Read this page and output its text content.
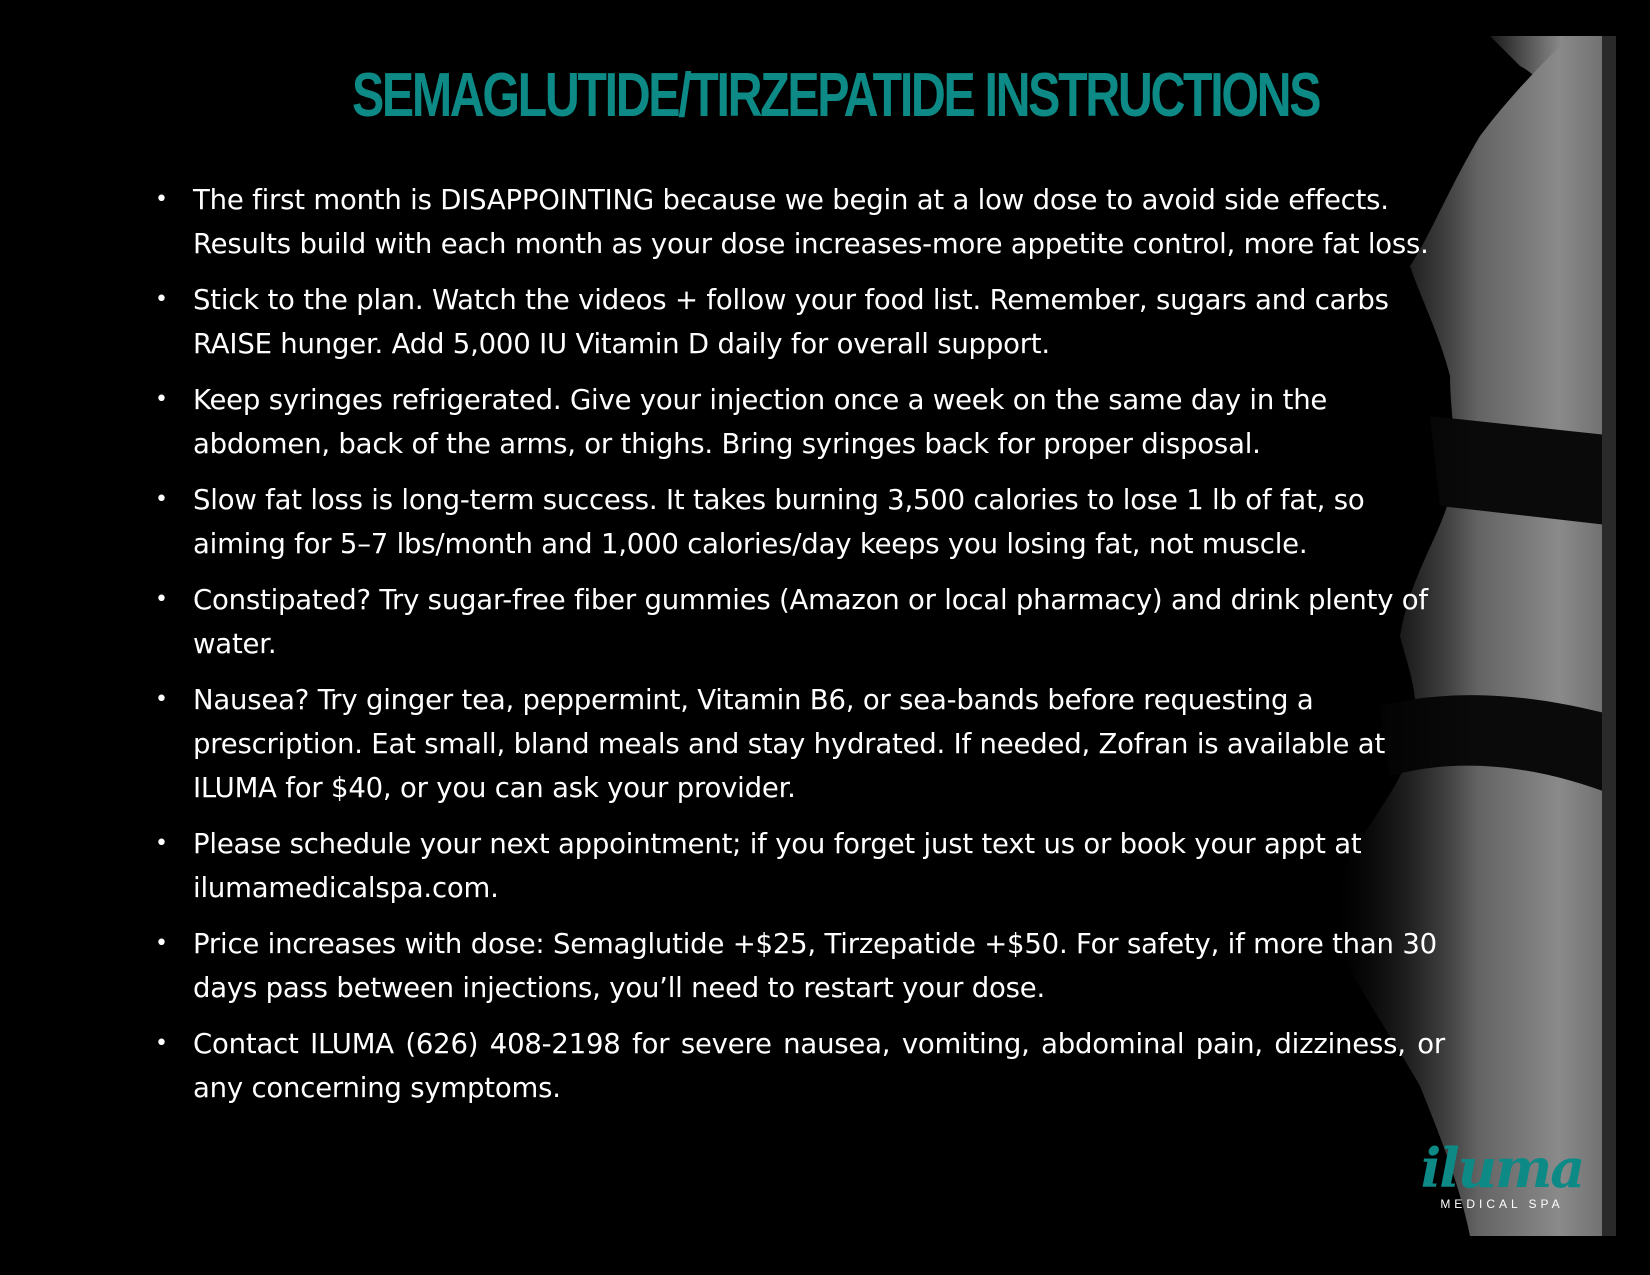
SEMAGLUTIDE/TIRZEPATIDE INSTRUCTIONS
• The first month is DISAPPOINTING because we begin at a low dose to avoid side effects. Results build with each month as your dose increases-more appetite control, more fat loss.
• Stick to the plan. Watch the videos + follow your food list. Remember, sugars and carbs RAISE hunger. Add 5,000 IU Vitamin D daily for overall support.
• Keep syringes refrigerated. Give your injection once a week on the same day in the abdomen, back of the arms, or thighs. Bring syringes back for proper disposal.
• Slow fat loss is long-term success. It takes burning 3,500 calories to lose 1 lb of fat, so aiming for 5–7 lbs/month and 1,000 calories/day keeps you losing fat, not muscle.
• Constipated? Try sugar-free fiber gummies (Amazon or local pharmacy) and drink plenty of water.
• Nausea? Try ginger tea, peppermint, Vitamin B6, or sea-bands before requesting a prescription. Eat small, bland meals and stay hydrated. If needed, Zofran is available at ILUMA for $40, or you can ask your provider.
• Please schedule your next appointment; if you forget just text us or book your appt at ilumamedicalspa.com.
• Price increases with dose: Semaglutide +$25, Tirzepatide +$50. For safety, if more than 30 days pass between injections, you’ll need to restart your dose.
• Contact ILUMA (626) 408-2198 for severe nausea, vomiting, abdominal pain, dizziness, or any concerning symptoms.
iluma
MEDICAL SPA
